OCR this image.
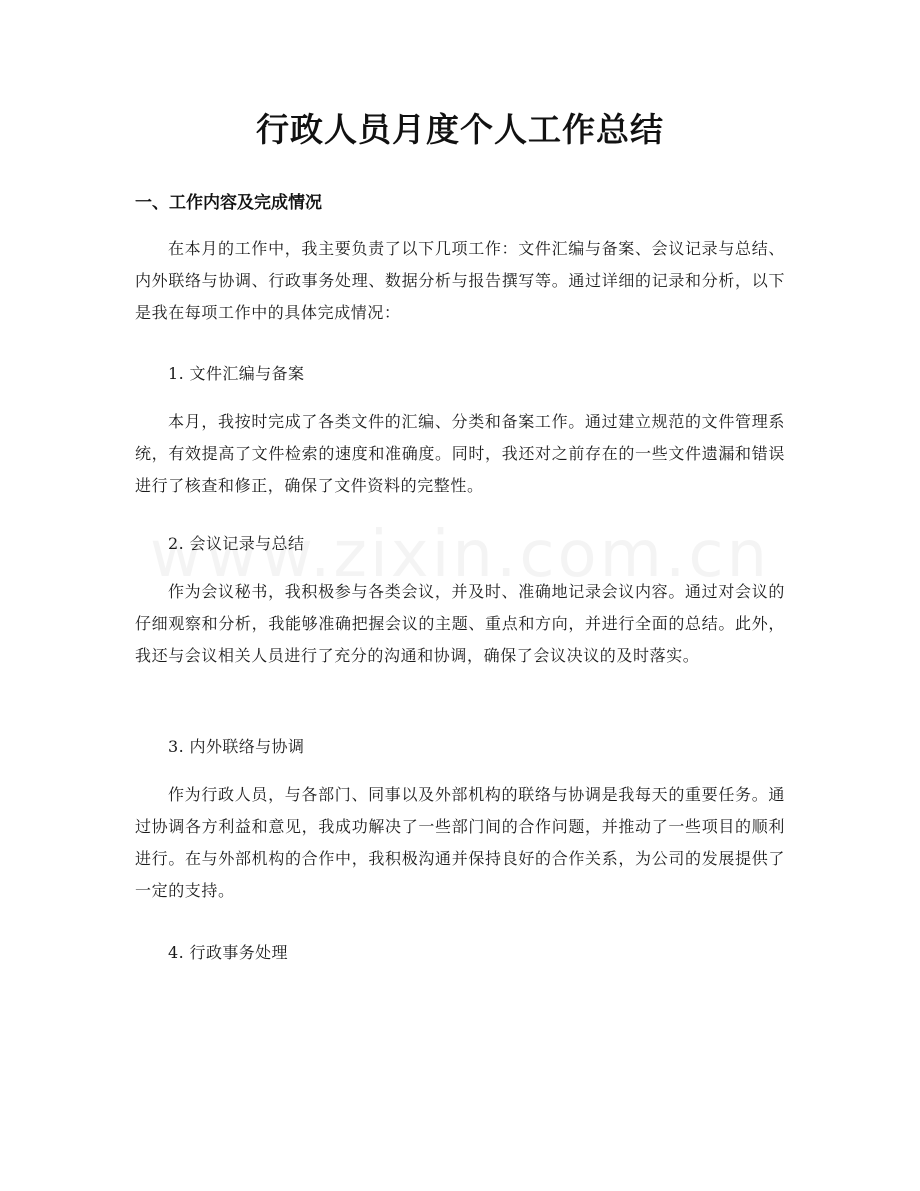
行政人员月度个人工作总结
一、工作内容及完成情况

在本月的工作中，我主要负责了以下几项工作：文件汇编与备案、会议记录与总结、内外联络与协调、行政事务处理、数据分析与报告撰写等。通过详细的记录和分析，以下是我在每项工作中的具体完成情况：

1. 文件汇编与备案

本月，我按时完成了各类文件的汇编、分类和备案工作。通过建立规范的文件管理系统，有效提高了文件检索的速度和准确度。同时，我还对之前存在的一些文件遗漏和错误进行了核查和修正，确保了文件资料的完整性。

2. 会议记录与总结

作为会议秘书，我积极参与各类会议，并及时、准确地记录会议内容。通过对会议的仔细观察和分析，我能够准确把握会议的主题、重点和方向，并进行全面的总结。此外，我还与会议相关人员进行了充分的沟通和协调，确保了会议决议的及时落实。

3. 内外联络与协调

作为行政人员，与各部门、同事以及外部机构的联络与协调是我每天的重要任务。通过协调各方利益和意见，我成功解决了一些部门间的合作问题，并推动了一些项目的顺利进行。在与外部机构的合作中，我积极沟通并保持良好的合作关系，为公司的发展提供了一定的支持。

4. 行政事务处理
